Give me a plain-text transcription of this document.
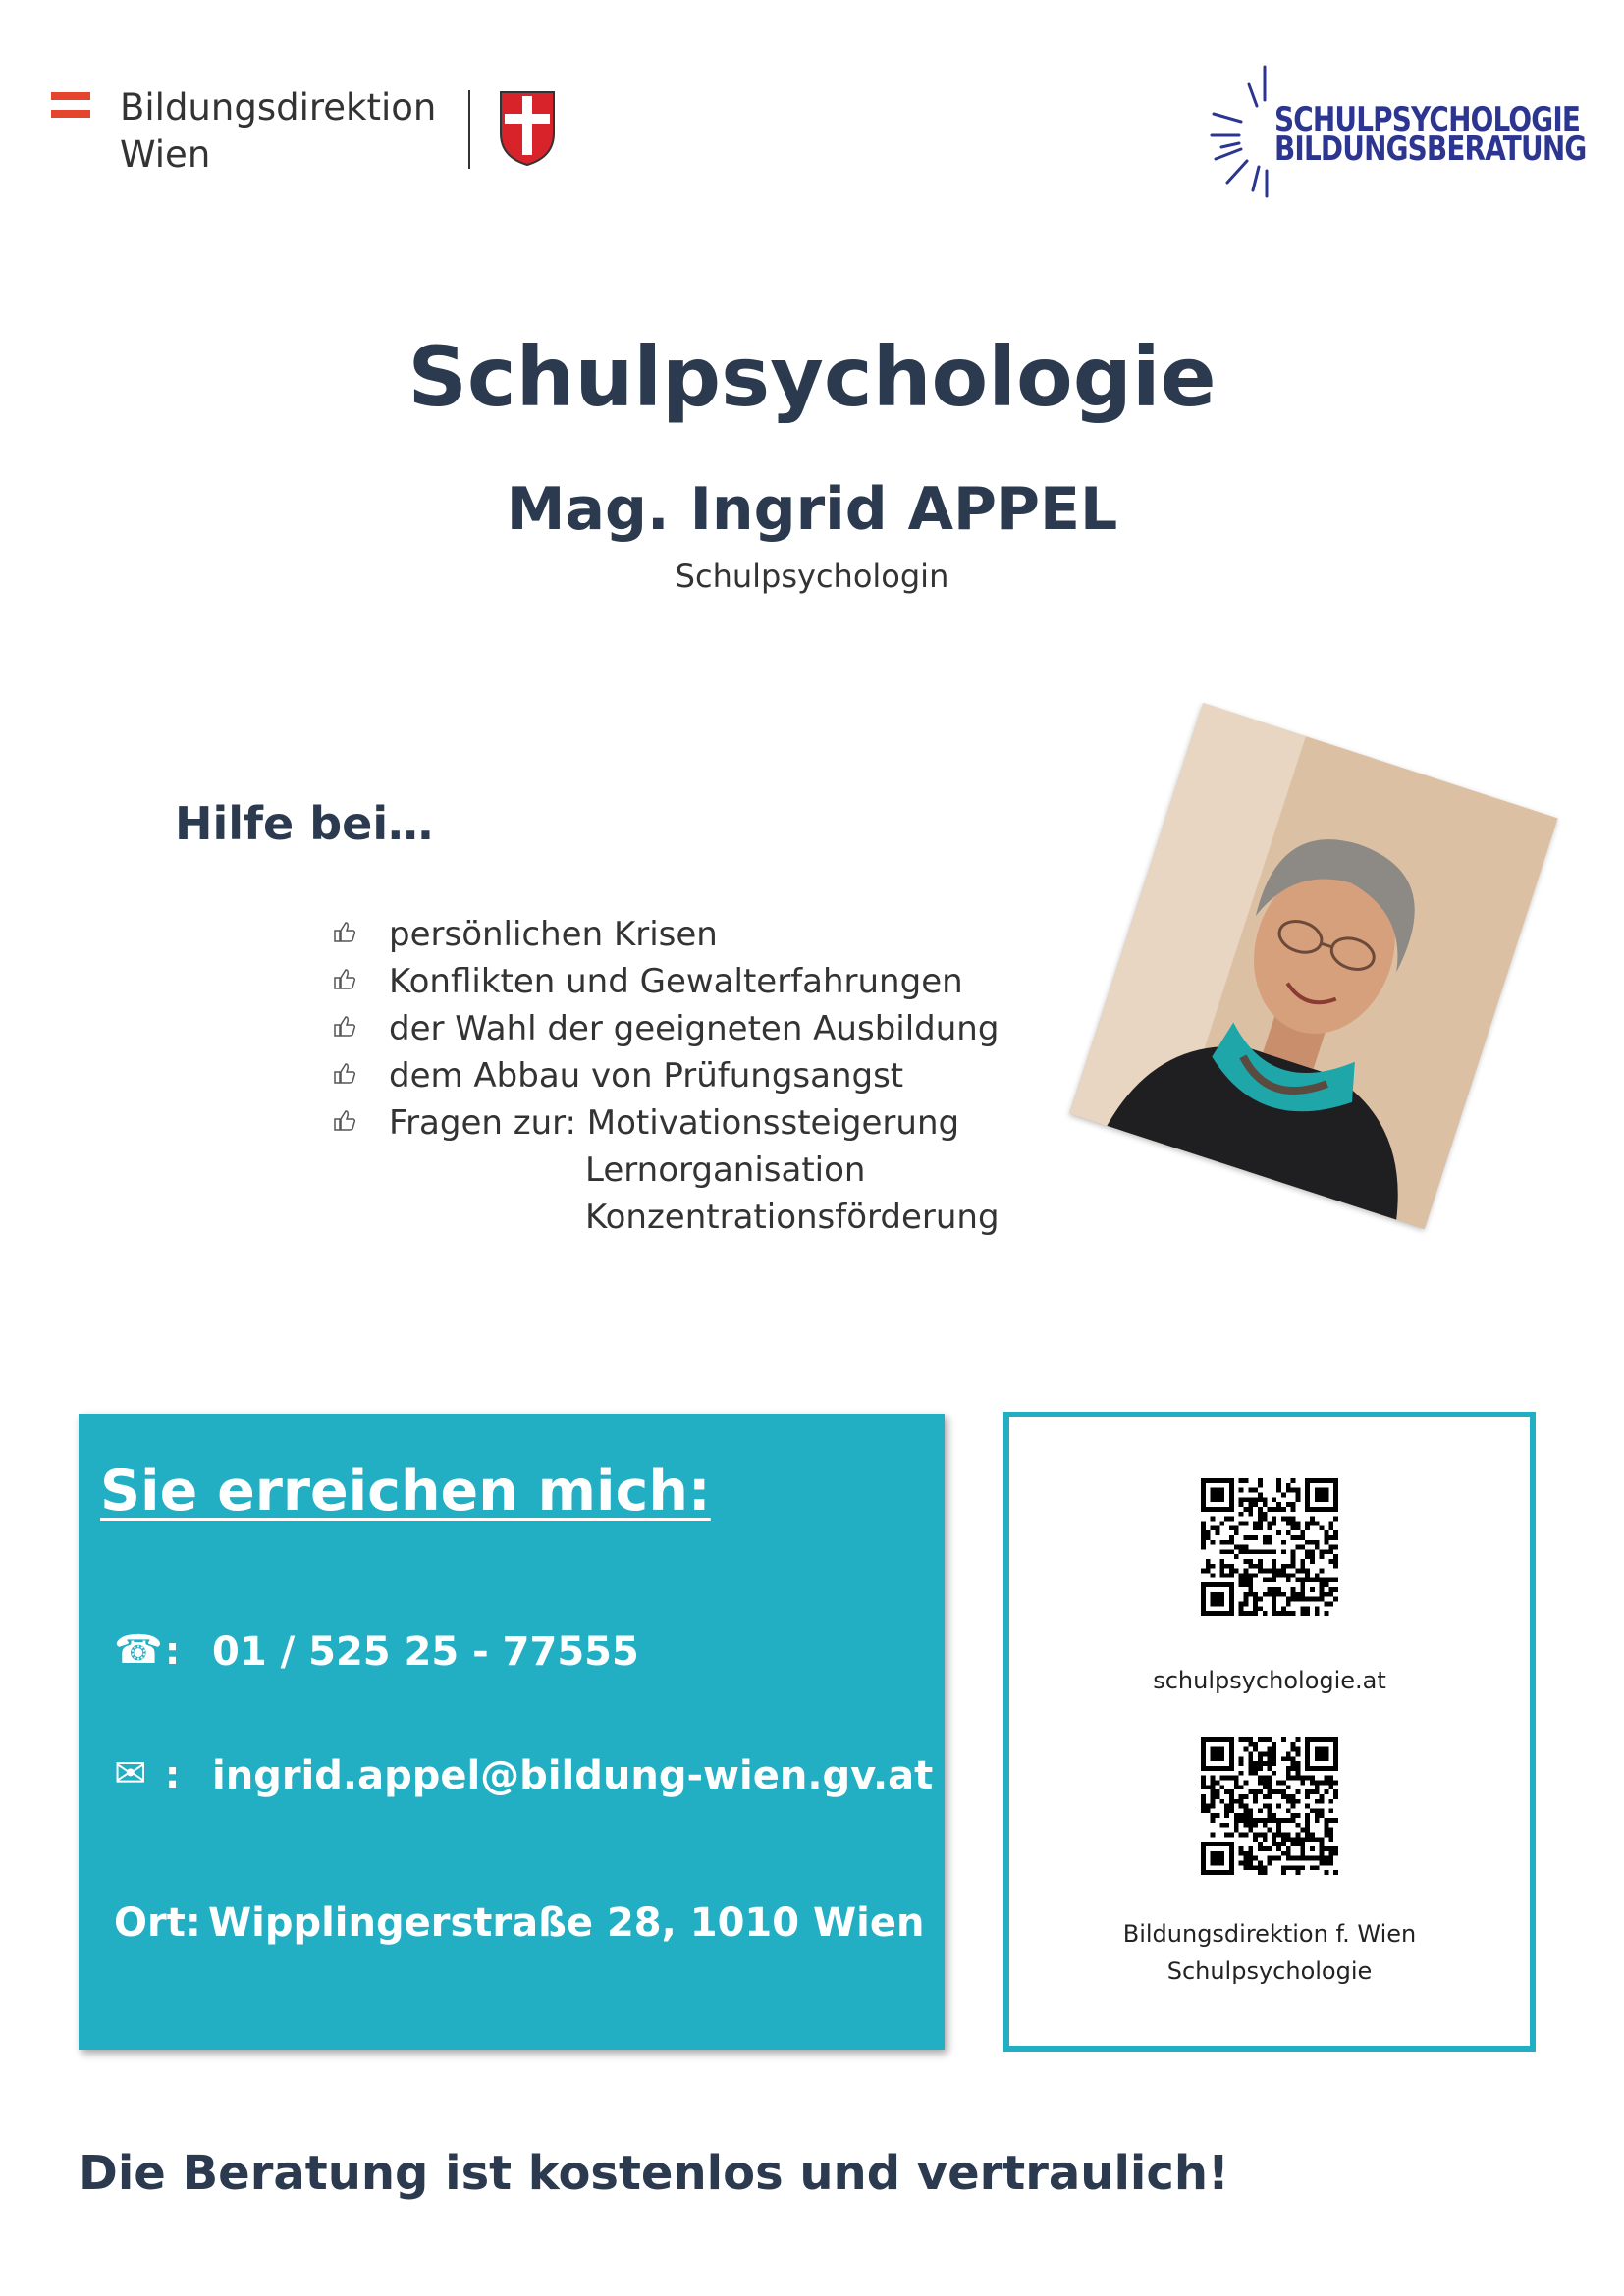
Bildungsdirektion
Wien
SCHULPSYCHOLOGIE
BILDUNGSBERATUNG
Schulpsychologie
Mag. Ingrid APPEL
Schulpsychologin
Hilfe bei…
persönlichen Krisen
Konflikten und Gewalterfahrungen
der Wahl der geeigneten Ausbildung
dem Abbau von Prüfungsangst
Fragen zur: Motivationssteigerung
Lernorganisation
Konzentrationsförderung
Sie erreichen mich:
☎ : 01 / 525 25 - 77555
✉ : ingrid.appel@bildung-wien.gv.at
Ort: Wipplingerstraße 28, 1010 Wien
schulpsychologie.at
Bildungsdirektion f. Wien
Schulpsychologie
Die Beratung ist kostenlos und vertraulich!
